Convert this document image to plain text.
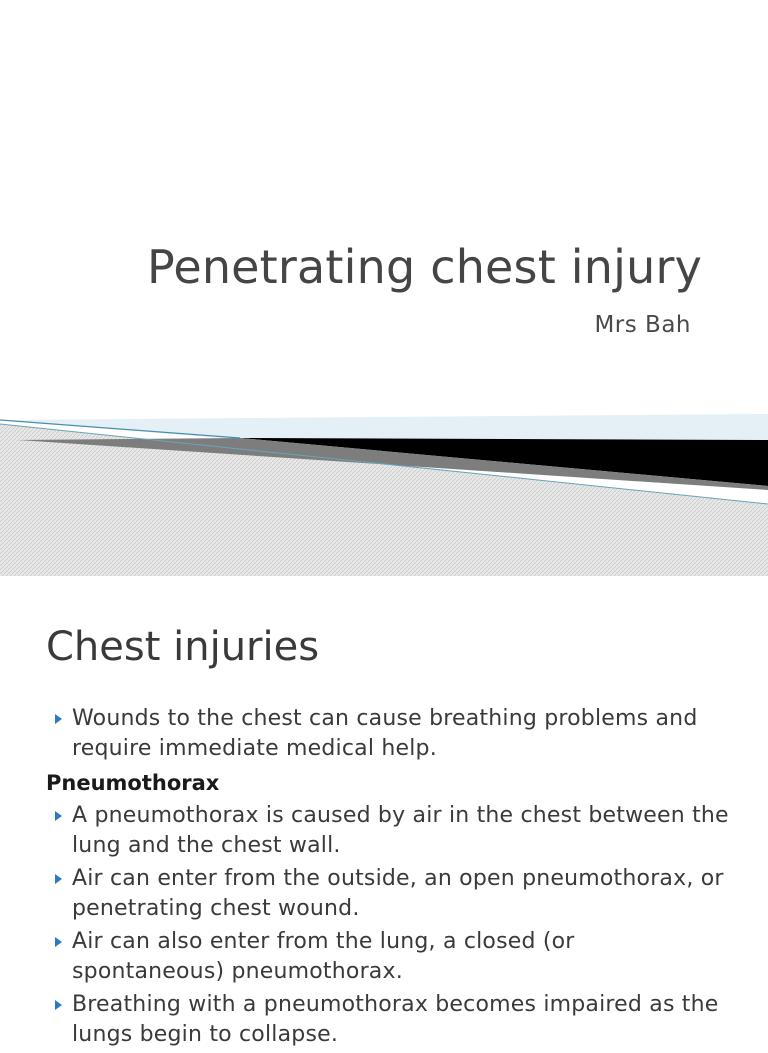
Penetrating chest injury
Mrs Bah
Chest injuries
Wounds to the chest can cause breathing problems and require immediate medical help.
Pneumothorax
A pneumothorax is caused by air in the chest between the lung and the chest wall.
Air can enter from the outside, an open pneumothorax, or penetrating chest wound.
Air can also enter from the lung, a closed (or spontaneous) pneumothorax.
Breathing with a pneumothorax becomes impaired as the lungs begin to collapse.
